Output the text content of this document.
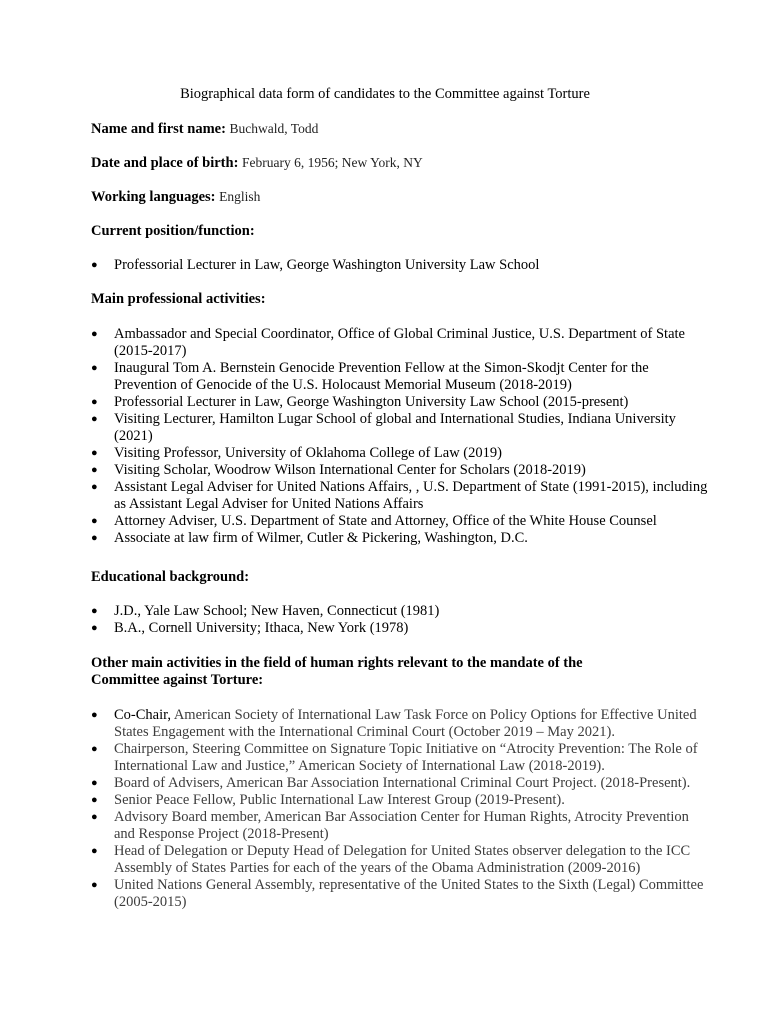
Biographical data form of candidates to the Committee against Torture
Name and first name: Buchwald, Todd
Date and place of birth: February 6, 1956; New York, NY
Working languages: English
Current position/function:
● Professorial Lecturer in Law, George Washington University Law School
Main professional activities:
● Ambassador and Special Coordinator, Office of Global Criminal Justice, U.S. Department of State (2015-2017)
● Inaugural Tom A. Bernstein Genocide Prevention Fellow at the Simon-Skodjt Center for the Prevention of Genocide of the U.S. Holocaust Memorial Museum (2018-2019)
● Professorial Lecturer in Law, George Washington University Law School (2015-present)
● Visiting Lecturer, Hamilton Lugar School of global and International Studies, Indiana University (2021)
● Visiting Professor, University of Oklahoma College of Law (2019)
● Visiting Scholar, Woodrow Wilson International Center for Scholars (2018-2019)
● Assistant Legal Adviser for United Nations Affairs, , U.S. Department of State (1991-2015), including as Assistant Legal Adviser for United Nations Affairs
● Attorney Adviser, U.S. Department of State and Attorney, Office of the White House Counsel
● Associate at law firm of Wilmer, Cutler & Pickering, Washington, D.C.
Educational background:
● J.D., Yale Law School; New Haven, Connecticut (1981)
● B.A., Cornell University; Ithaca, New York (1978)
Other main activities in the field of human rights relevant to the mandate of the
Committee against Torture:
● Co-Chair, American Society of International Law Task Force on Policy Options for Effective United States Engagement with the International Criminal Court (October 2019 – May 2021).
● Chairperson, Steering Committee on Signature Topic Initiative on “Atrocity Prevention: The Role of International Law and Justice,” American Society of International Law (2018-2019).
● Board of Advisers, American Bar Association International Criminal Court Project. (2018-Present).
● Senior Peace Fellow, Public International Law Interest Group (2019-Present).
● Advisory Board member, American Bar Association Center for Human Rights, Atrocity Prevention and Response Project (2018-Present)
● Head of Delegation or Deputy Head of Delegation for United States observer delegation to the ICC Assembly of States Parties for each of the years of the Obama Administration (2009-2016)
● United Nations General Assembly, representative of the United States to the Sixth (Legal) Committee (2005-2015)
